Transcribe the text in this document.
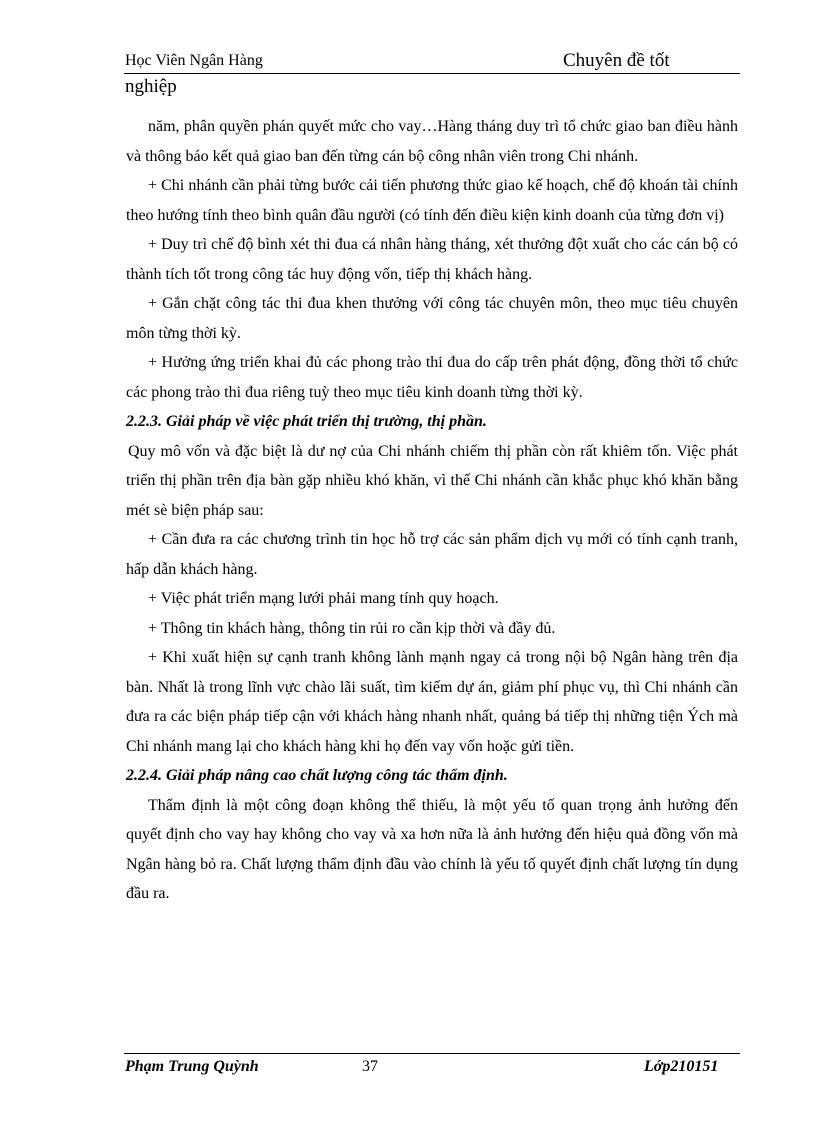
Học Viên Ngân Hàng	Chuyên đề tốt
nghiệp

năm, phân quyền phán quyết mức cho vay…Hàng tháng duy trì tổ chức giao ban điều hành và thông báo kết quả giao ban đến từng cán bộ công nhân viên trong Chi nhánh.

+ Chi nhánh cần phải từng bước cải tiến phương thức giao kế hoạch, chế độ khoán tài chính theo hướng tính theo bình quân đầu người (có tính đến điều kiện kinh doanh của từng đơn vị)

+ Duy trì chế độ bình xét thi đua cá nhân hàng tháng, xét thưởng đột xuất cho các cán bộ có thành tích tốt trong công tác huy động vốn, tiếp thị khách hàng.

+ Gắn chặt công tác thi đua khen thưởng với công tác chuyên môn, theo mục tiêu chuyên môn từng thời kỳ.

+ Hưởng ứng triển khai đủ các phong trào thi đua do cấp trên phát động, đồng thời tổ chức các phong trào thi đua riêng tuỳ theo mục tiêu kinh doanh từng thời kỳ.

2.2.3. Giải pháp về việc phát triển thị trường, thị phần.

Quy mô vốn và đặc biệt là dư nợ của Chi nhánh chiếm thị phần còn rất khiêm tốn. Việc phát triển thị phần trên địa bàn gặp nhiều khó khăn, vì thế Chi nhánh cần khắc phục khó khăn bằng mét sè biện pháp sau:

+ Cần đưa ra các chương trình tin học hỗ trợ các sản phẩm dịch vụ mới có tính cạnh tranh, hấp dẫn khách hàng.

+ Việc phát triển mạng lưới phải mang tính quy hoạch.

+ Thông tin khách hàng, thông tin rủi ro cần kịp thời và đầy đủ.

+ Khi xuất hiện sự cạnh tranh không lành mạnh ngay cả trong nội bộ Ngân hàng trên địa bàn. Nhất là trong lĩnh vực chào lãi suất, tìm kiếm dự án, giảm phí phục vụ, thì Chi nhánh cần đưa ra các biện pháp tiếp cận với khách hàng nhanh nhất, quảng bá tiếp thị những tiện Ých mà Chi nhánh mang lại cho khách hàng khi họ đến vay vốn hoặc gửi tiền.

2.2.4. Giải pháp nâng cao chất lượng công tác thẩm định.

Thẩm định là một công đoạn không thể thiếu, là một yếu tố quan trọng ảnh hưởng đến quyết định cho vay hay không cho vay và xa hơn nữa là ảnh hưởng đến hiệu quả đồng vốn mà Ngân hàng bỏ ra. Chất lượng thẩm định đầu vào chính là yếu tố quyết định chất lượng tín dụng đầu ra.

Phạm Trung Quỳnh	37	Lớp210151
